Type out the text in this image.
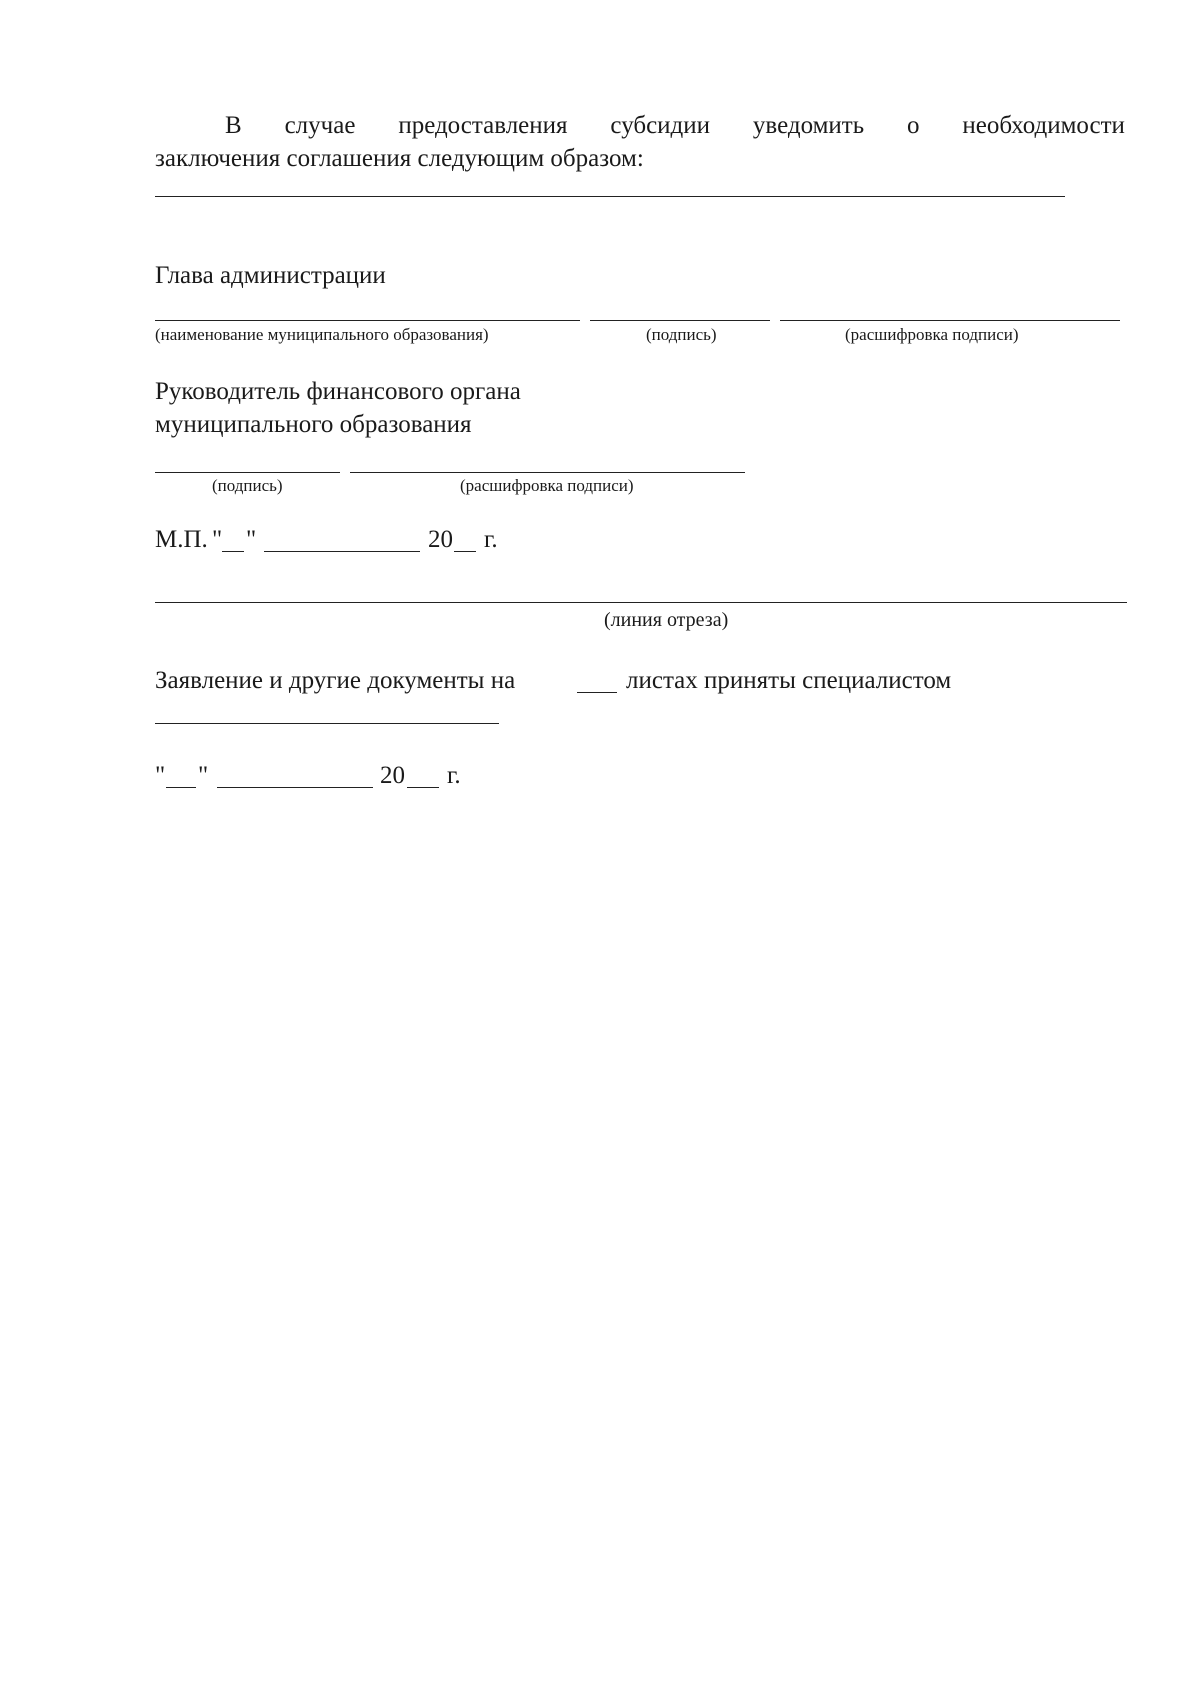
В случае предоставления субсидии уведомить о необходимости
заключения соглашения следующим образом:
Глава администрации
(наименование муниципального образования)	(подпись)	(расшифровка подписи)
Руководитель финансового органа
муниципального образования
(подпись)	(расшифровка подписи)
М.П. " "	20 г.
(линия отреза)
Заявление и другие документы на	листах приняты специалистом
" "	20 г.
